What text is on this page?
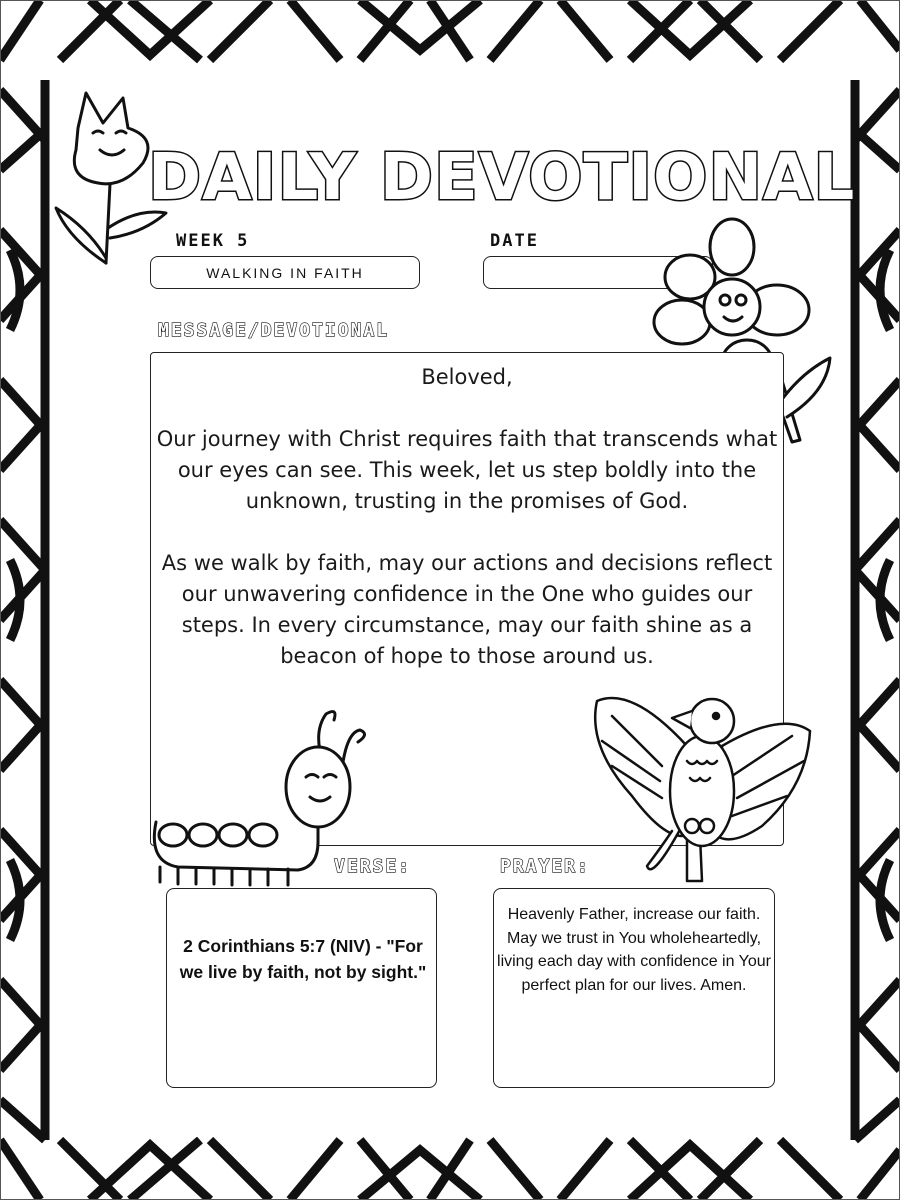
DAILY DEVOTIONAL
WEEK 5
WALKING IN FAITH
DATE
MESSAGE/DEVOTIONAL

Beloved,

Our journey with Christ requires faith that transcends what our eyes can see. This week, let us step boldly into the unknown, trusting in the promises of God.

As we walk by faith, may our actions and decisions reflect our unwavering confidence in the One who guides our steps. In every circumstance, may our faith shine as a beacon of hope to those around us.

VERSE:
2 Corinthians 5:7 (NIV) - "For we live by faith, not by sight."
PRAYER:
Heavenly Father, increase our faith. May we trust in You wholeheartedly, living each day with confidence in Your perfect plan for our lives. Amen.
